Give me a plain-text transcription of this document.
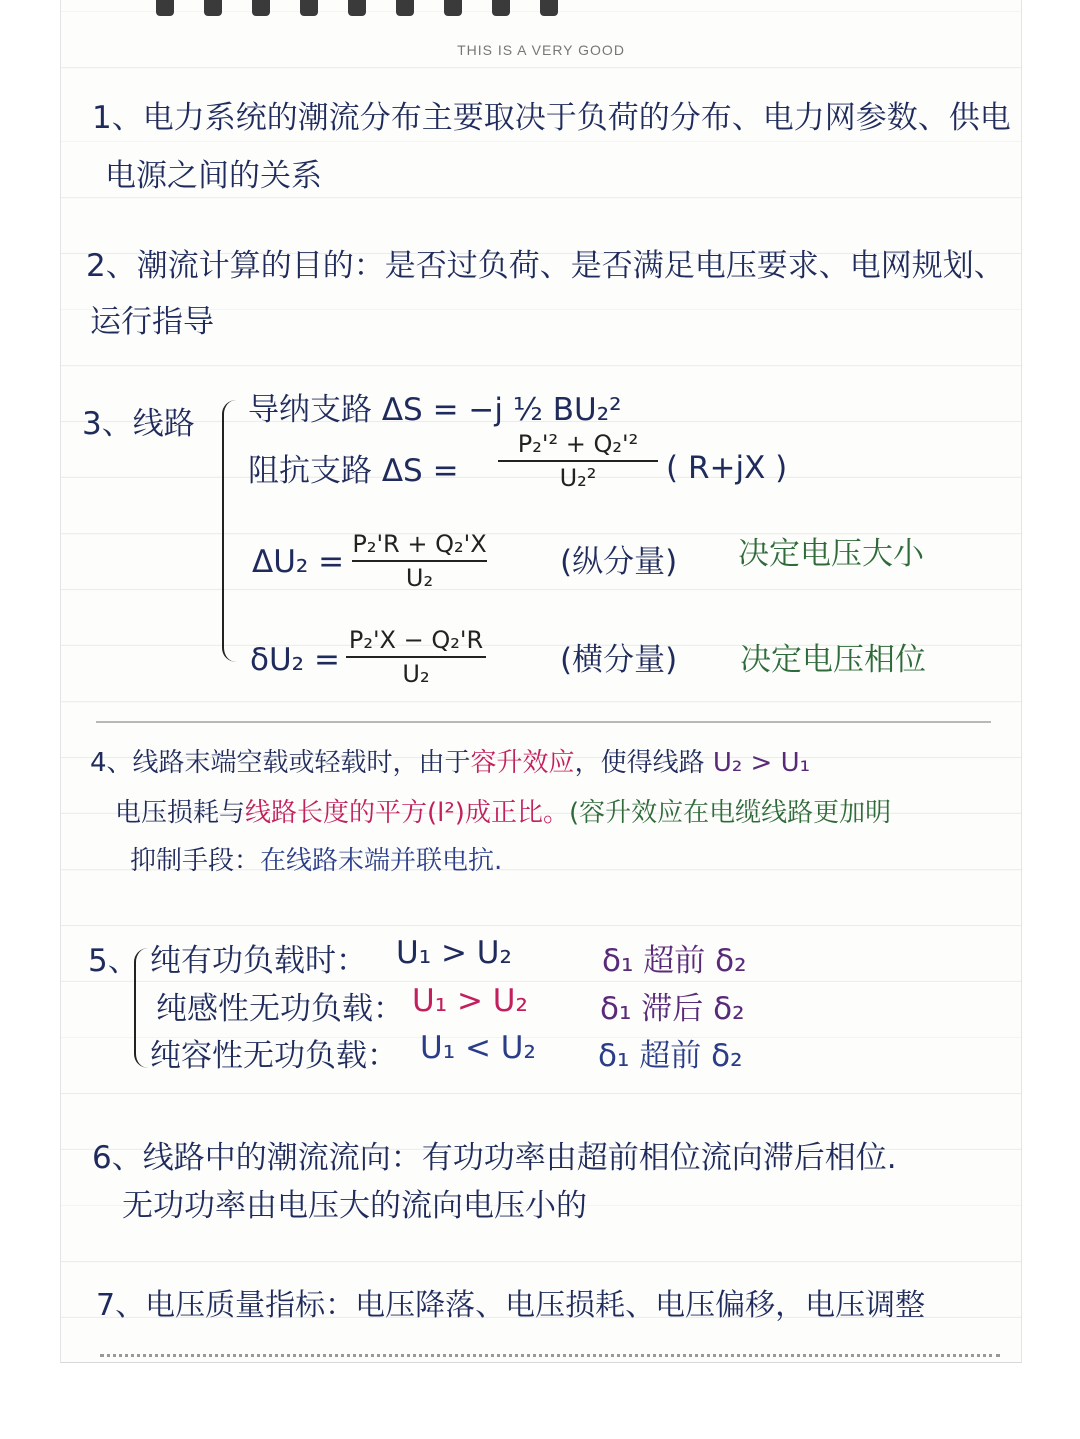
THIS IS A VERY GOOD
1、电力系统的潮流分布主要取决于负荷的分布、电力网参数、供电
电源之间的关系
2、潮流计算的目的：是否过负荷、是否满足电压要求、电网规划、
运行指导
3、线路 导纳支路 ΔS = −j ½ BU₂²
阻抗支路 ΔS =
P₂'² + Q₂'²
U₂²	( R+jX )
ΔU₂ = P₂'R + Q₂'X
U₂	(纵分量) 决定电压大小
δU₂ =
P₂'X − Q₂'R
U₂	(横分量) 决定电压相位
4、线路末端空载或轻载时，由于容升效应，使得线路 U₂ > U₁
电压损耗与线路长度的平方(l²)成正比。(容升效应在电缆线路更加明
抑制手段：在线路末端并联电抗.
5、 纯有功负载时： U₁ > U₂	δ₁ 超前 δ₂
纯感性无功负载： U₁ > U₂ δ₁ 滞后 δ₂
纯容性无功负载： U₁ < U₂ δ₁ 超前 δ₂
6、线路中的潮流流向：有功功率由超前相位流向滞后相位.
无功功率由电压大的流向电压小的
7、电压质量指标：电压降落、电压损耗、电压偏移，电压调整
